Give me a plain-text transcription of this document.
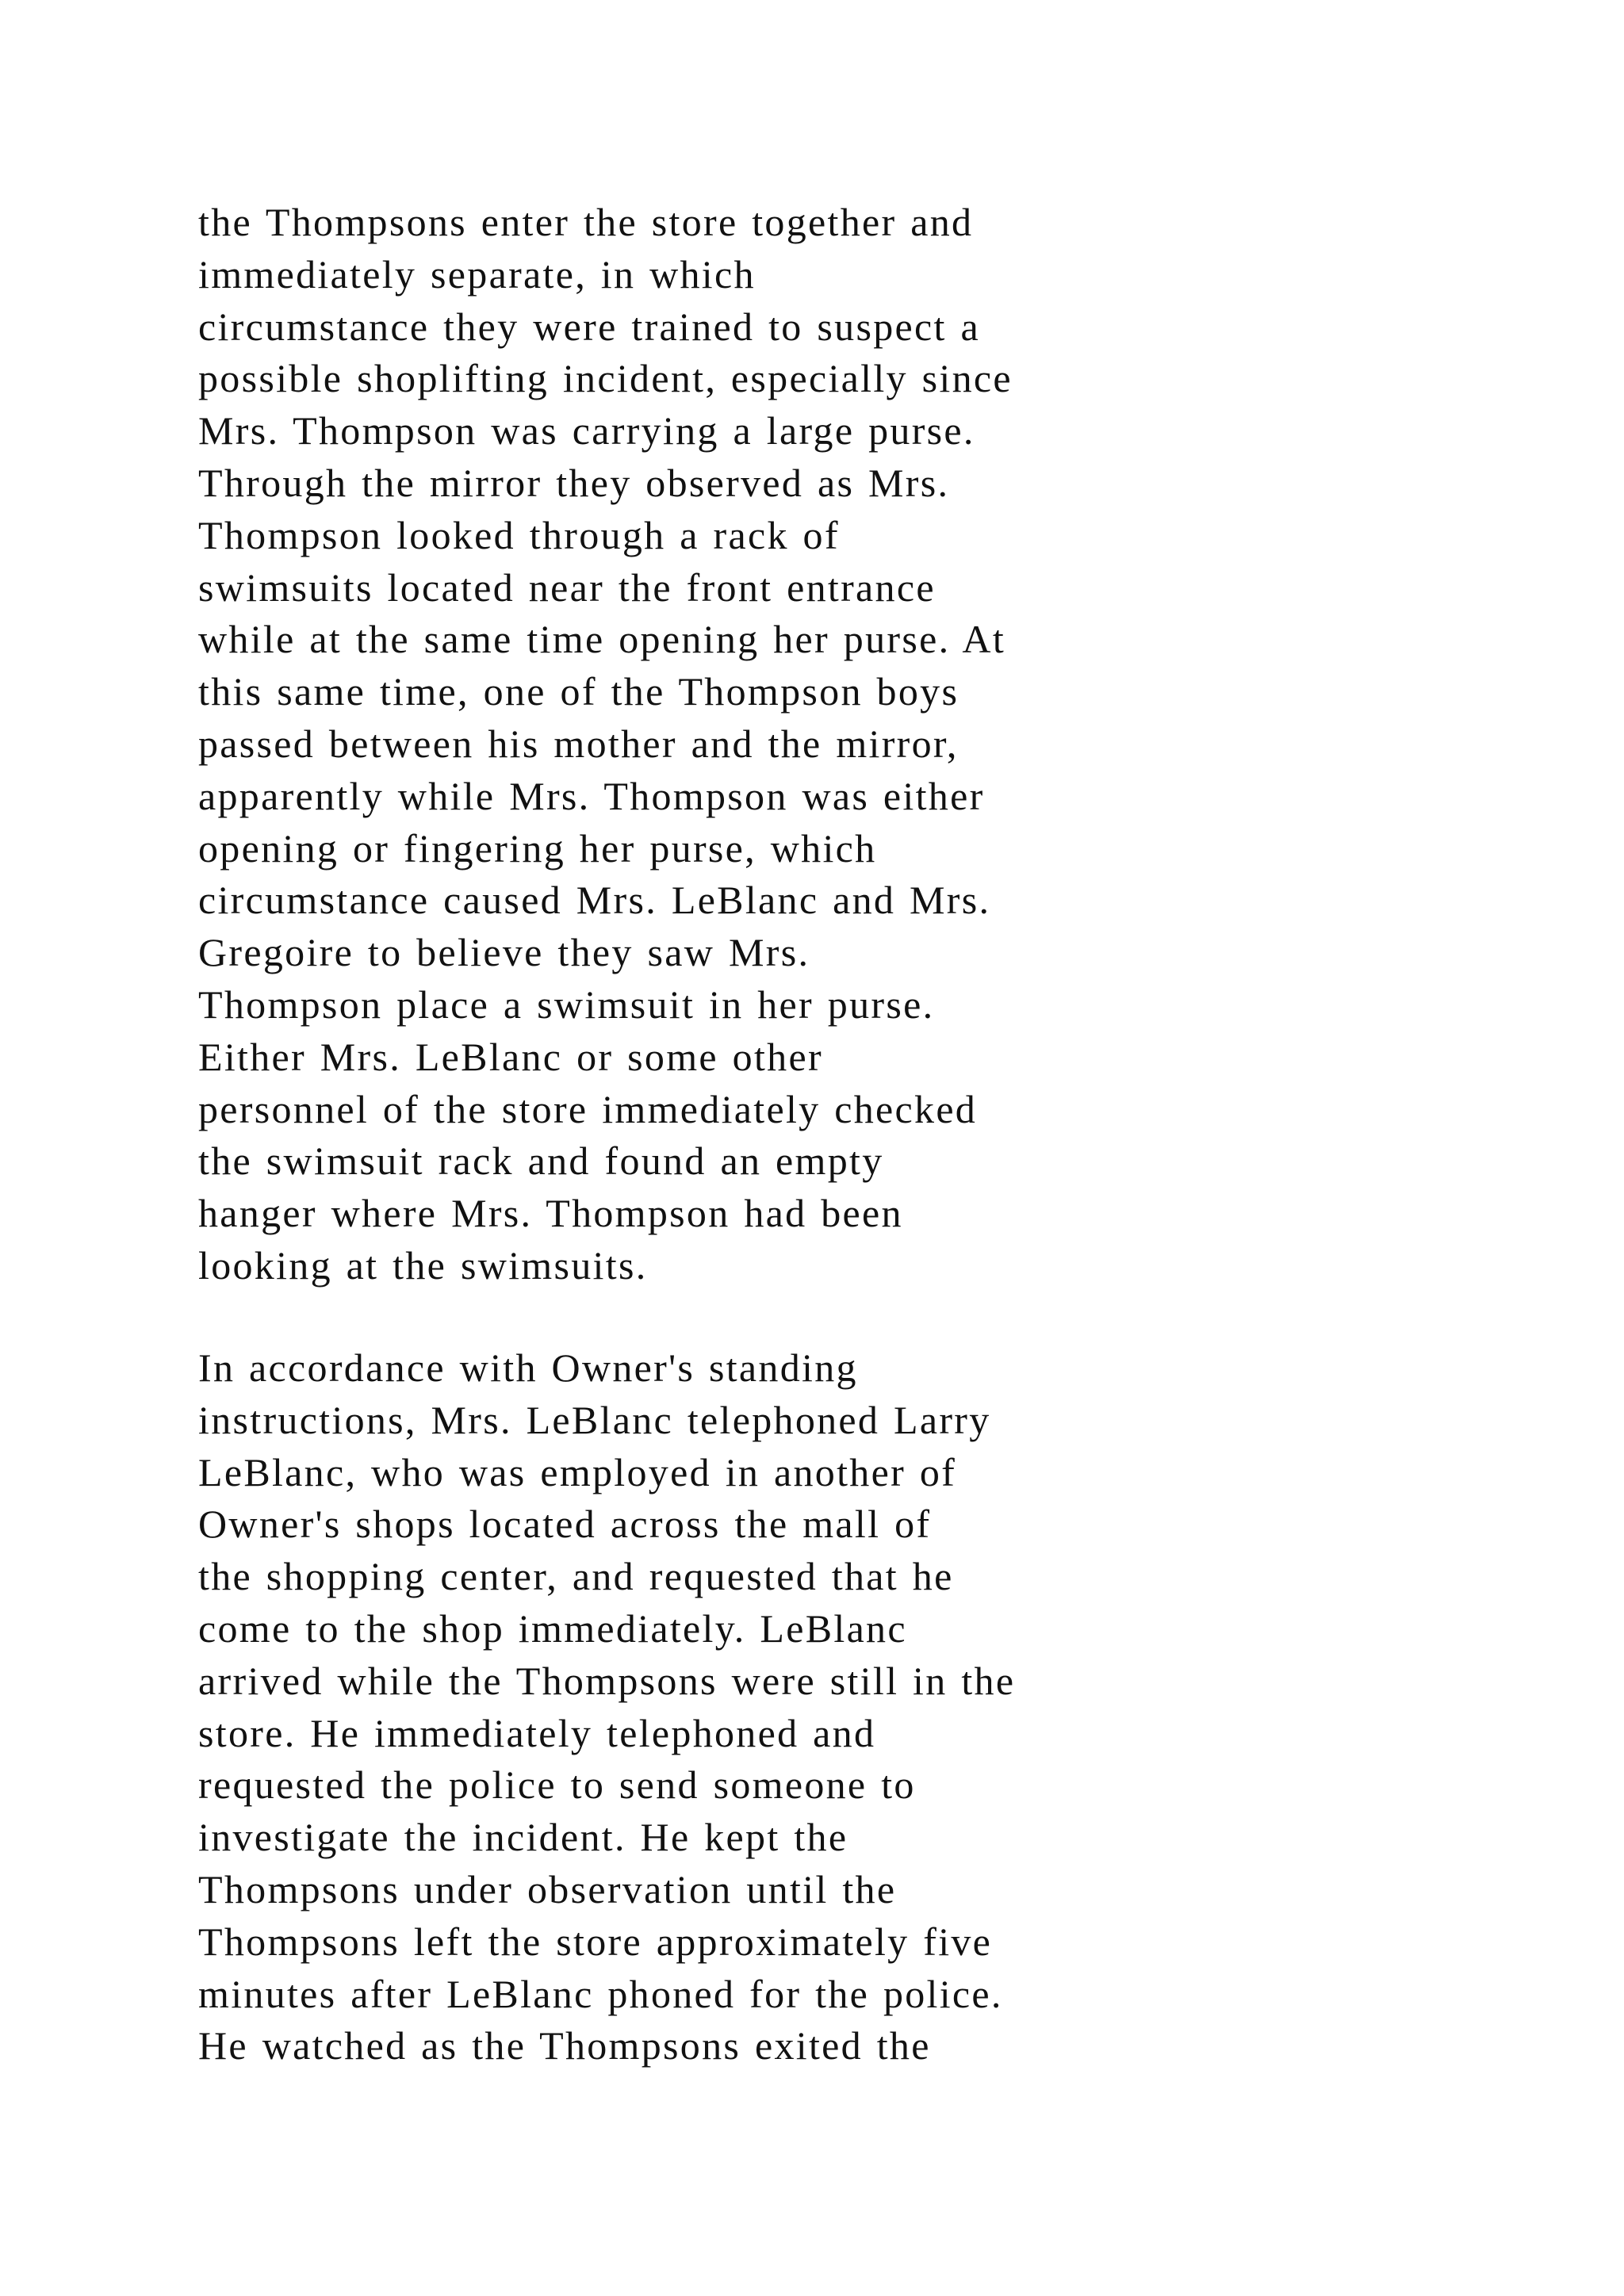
the Thompsons enter the store together and
immediately separate, in which
circumstance they were trained to suspect a
possible shoplifting incident, especially since
Mrs. Thompson was carrying a large purse.
Through the mirror they observed as Mrs.
Thompson looked through a rack of
swimsuits located near the front entrance
while at the same time opening her purse. At
this same time, one of the Thompson boys
passed between his mother and the mirror,
apparently while Mrs. Thompson was either
opening or fingering her purse, which
circumstance caused Mrs. LeBlanc and Mrs.
Gregoire to believe they saw Mrs.
Thompson place a swimsuit in her purse.
Either Mrs. LeBlanc or some other
personnel of the store immediately checked
the swimsuit rack and found an empty
hanger where Mrs. Thompson had been
looking at the swimsuits.
In accordance with Owner's standing
instructions, Mrs. LeBlanc telephoned Larry
LeBlanc, who was employed in another of
Owner's shops located across the mall of
the shopping center, and requested that he
come to the shop immediately. LeBlanc
arrived while the Thompsons were still in the
store. He immediately telephoned and
requested the police to send someone to
investigate the incident. He kept the
Thompsons under observation until the
Thompsons left the store approximately five
minutes after LeBlanc phoned for the police.
He watched as the Thompsons exited the
